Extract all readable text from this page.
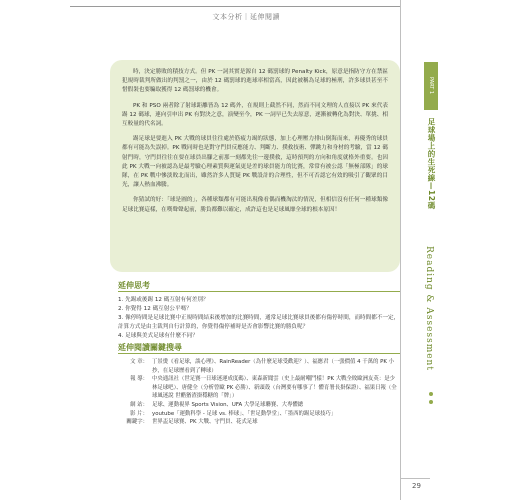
文本分析｜延伸閱讀
PART 1
足球場上的生死線—12碼
Reading & Assessment

時，決定勝敗的積技方式。但 PK 一詞其實是源自 12 碼罰球的 Penalty Kick，原意是指防守方在禁區犯規時裁判所做出的判罰之一，由於 12 碼罰球的進球率相當高，因此被稱為足球的極刑，許多球員甚至不惜假裝也要騙取獲得 12 碼罰球的機會。

PK 和 PSO 兩者除了射球距離皆為 12 碼外，在規則上截然不同，然而不同文理的人直接以 PK 來代表踢 12 碼球，連向引申出 PK 有對決之意，演變至今，PK 一詞早已失去原意，逐漸被轉化為對決、單挑、相互較量的代名詞。

踢足球是要進入 PK 大戰的球員往往處於筋疲力竭的狀態，加上心理壓力排山倒海而來，再優秀的球員都有可能為失誤掉。PK 戰同時也是對守門員反應能力、判斷力、撲救技術、彈跳力和身材的考驗，當 12 碼射門時，守門員往往在要在球員出腳之前那一刻都先往一邊撲救，這時預判的方向和角度就格外重要。也因此 PK 大戰一向被認為是最考驗心理素質與運氣更是差的球員能力的比賽，常常有被公認「無極部隊」的球隊，在 PK 戰中慘淡敗北而出，雖然許多人質疑 PK 戰設計的合理性，但不可否認它有效的吸引了觀眾的目光，讓人熱血沸騰。

你猜試的好：「球是圓的」，各種球類都有可能出現像看偶而機淘汰的情況，但相信沒有任何一種球類像足球比賽這樣，在嘆聲聲起前，勝負都難以確定，成許這也是足球風靡全球的根本原因！

延伸思考
1. 先踢或後踢 12 碼互射有何差別？
2. 你覺得 12 碼互射公平嗎？
3. 像停時間是足球比賽中正規時間結束後增加的比賽時間，通常足球比賽球員後都有傷停時間，而時間都不一定，計算方式是由主裁判自行計算的，你覺得傷停補時是否會影響比賽的勝負呢？
4. 足球與美式足球有什麼不同？
延伸閱讀關鍵搜尋
文 章： 丁景燙《看足球，談心理》、RainReader（為什麼足球受歡迎？）、福應君（一張價值 4 千萬的 PK 小抄，在足球歷看到了轉球）
報 導： 中央通訊社（世足賽一日球迷運成度碼）、東森新聞雲（史上最耐嘲鬥樣！PK 大戰全敗歐洲友英：是少林足球吧）、唐健全（分析曾歐 PK 必勝）、新頭殼（台灣要有哪事了！體育署長掛保證）、福果日報（全球風迷說 世醋猶渣掛穩糖的「牌」）
網 站： 足球、運動視界 Sports Vision、UFA 大學足球聯賽、大專體總
影 片： youtube「運動科學 - 足球 vs. 棒球」、「世足動學堂」、「墨西的踢足球技巧」
關鍵字： 世界盃足球賽、PK 大戰、守門員、花式足球
29
